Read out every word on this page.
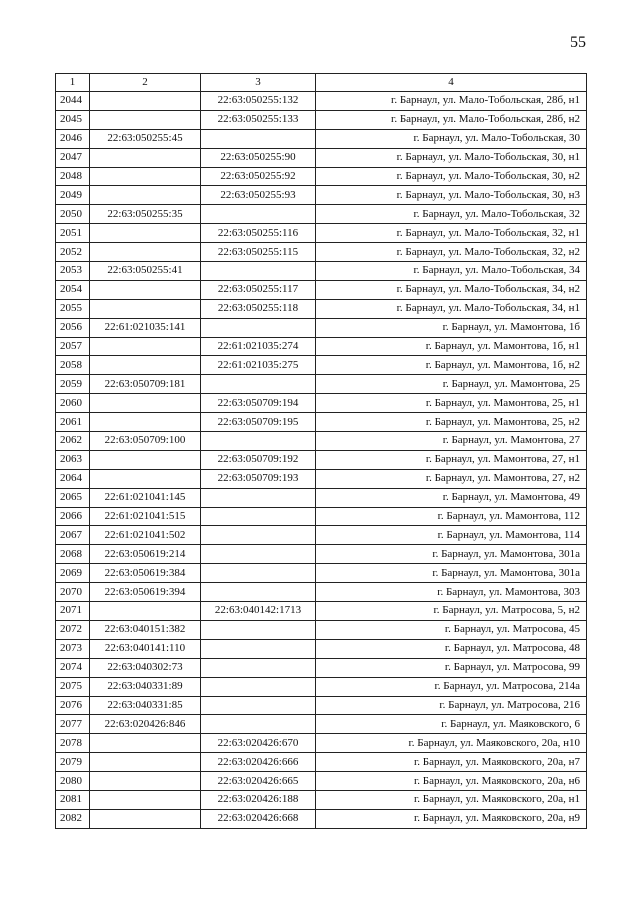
55
1	2	3	4
2044		22:63:050255:132	г. Барнаул, ул. Мало-Тобольская, 28б, н1
2045		22:63:050255:133	г. Барнаул, ул. Мало-Тобольская, 28б, н2
2046	22:63:050255:45		г. Барнаул, ул. Мало-Тобольская, 30
2047		22:63:050255:90	г. Барнаул, ул. Мало-Тобольская, 30, н1
2048		22:63:050255:92	г. Барнаул, ул. Мало-Тобольская, 30, н2
2049		22:63:050255:93	г. Барнаул, ул. Мало-Тобольская, 30, н3
2050	22:63:050255:35		г. Барнаул, ул. Мало-Тобольская, 32
2051		22:63:050255:116	г. Барнаул, ул. Мало-Тобольская, 32, н1
2052		22:63:050255:115	г. Барнаул, ул. Мало-Тобольская, 32, н2
2053	22:63:050255:41		г. Барнаул, ул. Мало-Тобольская, 34
2054		22:63:050255:117	г. Барнаул, ул. Мало-Тобольская, 34, н2
2055		22:63:050255:118	г. Барнаул, ул. Мало-Тобольская, 34, н1
2056	22:61:021035:141		г. Барнаул, ул. Мамонтова, 1б
2057		22:61:021035:274	г. Барнаул, ул. Мамонтова, 1б, н1
2058		22:61:021035:275	г. Барнаул, ул. Мамонтова, 1б, н2
2059	22:63:050709:181		г. Барнаул, ул. Мамонтова, 25
2060		22:63:050709:194	г. Барнаул, ул. Мамонтова, 25, н1
2061		22:63:050709:195	г. Барнаул, ул. Мамонтова, 25, н2
2062	22:63:050709:100		г. Барнаул, ул. Мамонтова, 27
2063		22:63:050709:192	г. Барнаул, ул. Мамонтова, 27, н1
2064		22:63:050709:193	г. Барнаул, ул. Мамонтова, 27, н2
2065	22:61:021041:145		г. Барнаул, ул. Мамонтова, 49
2066	22:61:021041:515		г. Барнаул, ул. Мамонтова, 112
2067	22:61:021041:502		г. Барнаул, ул. Мамонтова, 114
2068	22:63:050619:214		г. Барнаул, ул. Мамонтова, 301а
2069	22:63:050619:384		г. Барнаул, ул. Мамонтова, 301а
2070	22:63:050619:394		г. Барнаул, ул. Мамонтова, 303
2071		22:63:040142:1713	г. Барнаул, ул. Матросова, 5, н2
2072	22:63:040151:382		г. Барнаул, ул. Матросова, 45
2073	22:63:040141:110		г. Барнаул, ул. Матросова, 48
2074	22:63:040302:73		г. Барнаул, ул. Матросова, 99
2075	22:63:040331:89		г. Барнаул, ул. Матросова, 214а
2076	22:63:040331:85		г. Барнаул, ул. Матросова, 216
2077	22:63:020426:846		г. Барнаул, ул. Маяковского, 6
2078		22:63:020426:670	г. Барнаул, ул. Маяковского, 20а, н10
2079		22:63:020426:666	г. Барнаул, ул. Маяковского, 20а, н7
2080		22:63:020426:665	г. Барнаул, ул. Маяковского, 20а, н6
2081		22:63:020426:188	г. Барнаул, ул. Маяковского, 20а, н1
2082		22:63:020426:668	г. Барнаул, ул. Маяковского, 20а, н9
